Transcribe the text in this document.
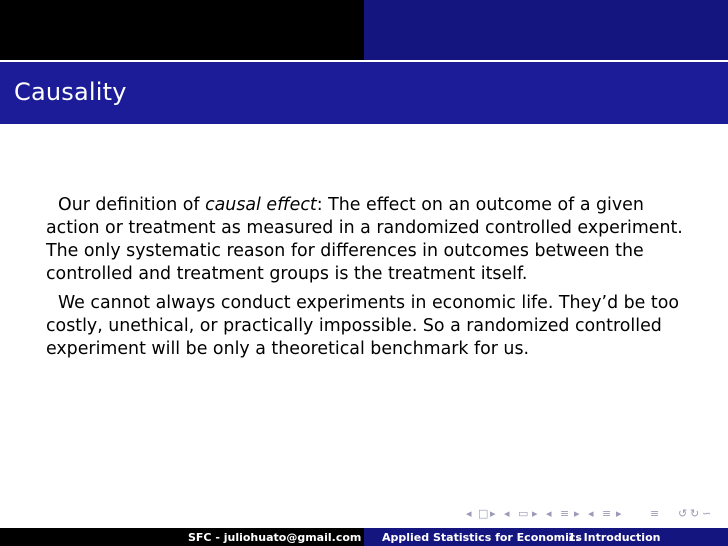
Causality

Our definition of causal effect: The effect on an outcome of a given action or treatment as measured in a randomized controlled experiment. The only systematic reason for differences in outcomes between the controlled and treatment groups is the treatment itself.

We cannot always conduct experiments in economic life. They’d be too costly, unethical, or practically impossible. So a randomized controlled experiment will be only a theoretical benchmark for us.

◂ □ ▸ ◂ ▭ ▸ ◂ ≡ ▸ ◂ ≡ ▸	≡ ↺ ↻ ∽
SFC - juliohuato@gmail.com Applied Statistics for Economics
1. Introduction
